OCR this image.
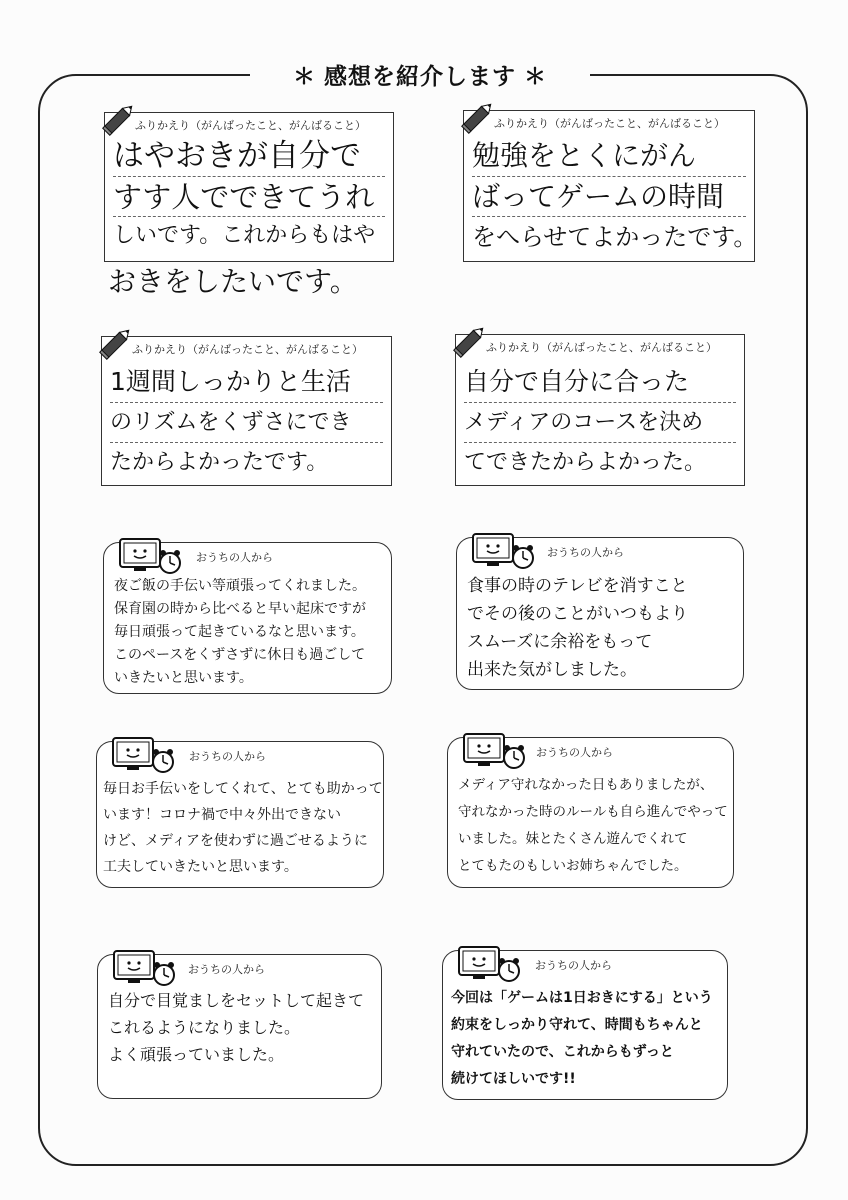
＊ 感想を紹介します ＊
ふりかえり（がんばったこと、がんばること）
はやおきが自分で
すす人でできてうれ
しいです。これからもはや
おきをしたいです。
ふりかえり（がんばったこと、がんばること）
勉強をとくにがん
ばってゲームの時間
をへらせてよかったです。
ふりかえり（がんばったこと、がんばること）
1週間しっかりと生活
のリズムをくずさにでき
たからよかったです。
ふりかえり（がんばったこと、がんばること）
自分で自分に合った
メディアのコースを決め
てできたからよかった。
おうちの人から
夜ご飯の手伝い等頑張ってくれました。
保育園の時から比べると早い起床ですが
毎日頑張って起きているなと思います。
このペースをくずさずに休日も過ごして
いきたいと思います。
おうちの人から
食事の時のテレビを消すこと
でその後のことがいつもより
スムーズに余裕をもって
出来た気がしました。
おうちの人から
毎日お手伝いをしてくれて、とても助かって
います！コロナ禍で中々外出できない
けど、メディアを使わずに過ごせるように
工夫していきたいと思います。
おうちの人から
メディア守れなかった日もありましたが、
守れなかった時のルールも自ら進んでやって
いました。妹とたくさん遊んでくれて
とてもたのもしいお姉ちゃんでした。
おうちの人から
自分で目覚ましをセットして起きて
これるようになりました。
よく頑張っていました。
おうちの人から
今回は「ゲームは1日おきにする」という
約束をしっかり守れて、時間もちゃんと
守れていたので、これからもずっと
続けてほしいです!!
